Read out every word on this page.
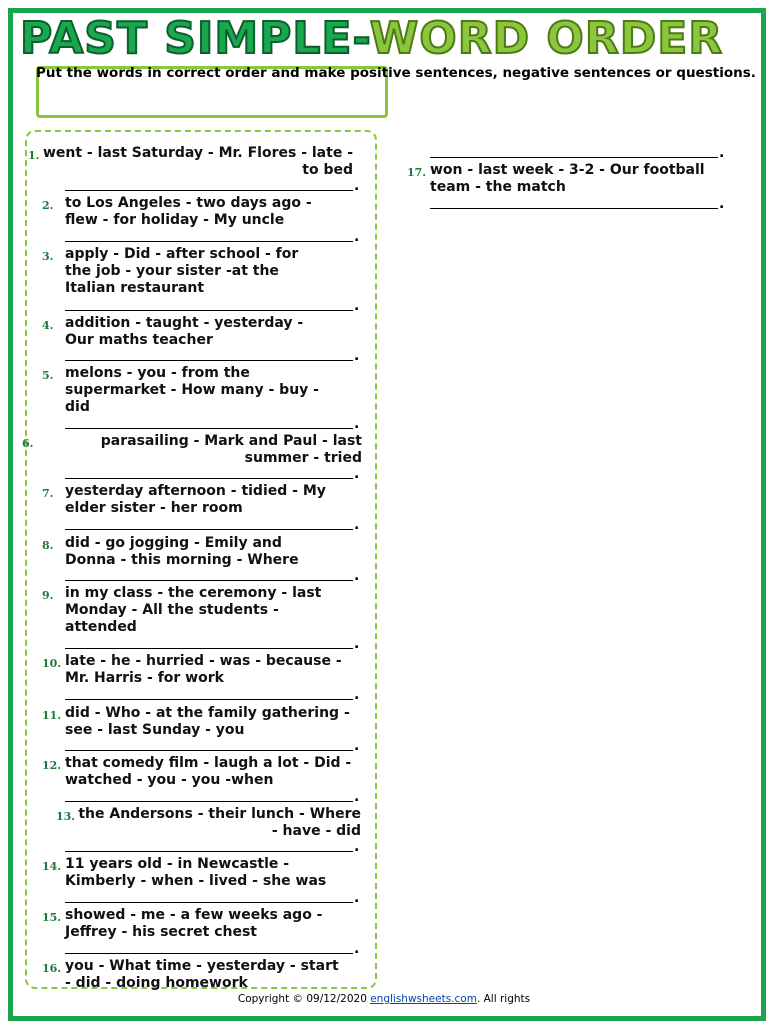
PAST SIMPLE-WORD ORDER
Put the words in correct order and make positive sentences, negative sentences or questions.
1. went - last Saturday - Mr. Flores - late - to bed
.
2. to Los Angeles - two days ago - flew - for holiday - My uncle
.
3. apply - Did - after school - for the job - your sister -at the Italian restaurant
.
4. addition - taught - yesterday - Our maths teacher
.
5. melons - you - from the supermarket - How many - buy - did
.
6.	parasailing - Mark and Paul - last summer - tried
.
7. yesterday afternoon - tidied - My elder sister - her room
.
8. did - go jogging - Emily and Donna - this morning - Where
.
9. in my class - the ceremony - last Monday - All the students - attended
.
10. late - he - hurried - was - because - Mr. Harris - for work
.
11. did - Who - at the family gathering - see - last Sunday - you
.
12. that comedy film - laugh a lot - Did - watched - you - you -when
.
13. the Andersons - their lunch - Where - have - did
.
14. 11 years old - in Newcastle - Kimberly - when - lived - she was
.
15. showed - me - a few weeks ago - Jeffrey - his secret chest
.
16. you - What time - yesterday - start - did - doing homework
17. won - last week - 3-2 - Our football team - the match
.
.
Copyright © 09/12/2020 englishwsheets.com. All rights
